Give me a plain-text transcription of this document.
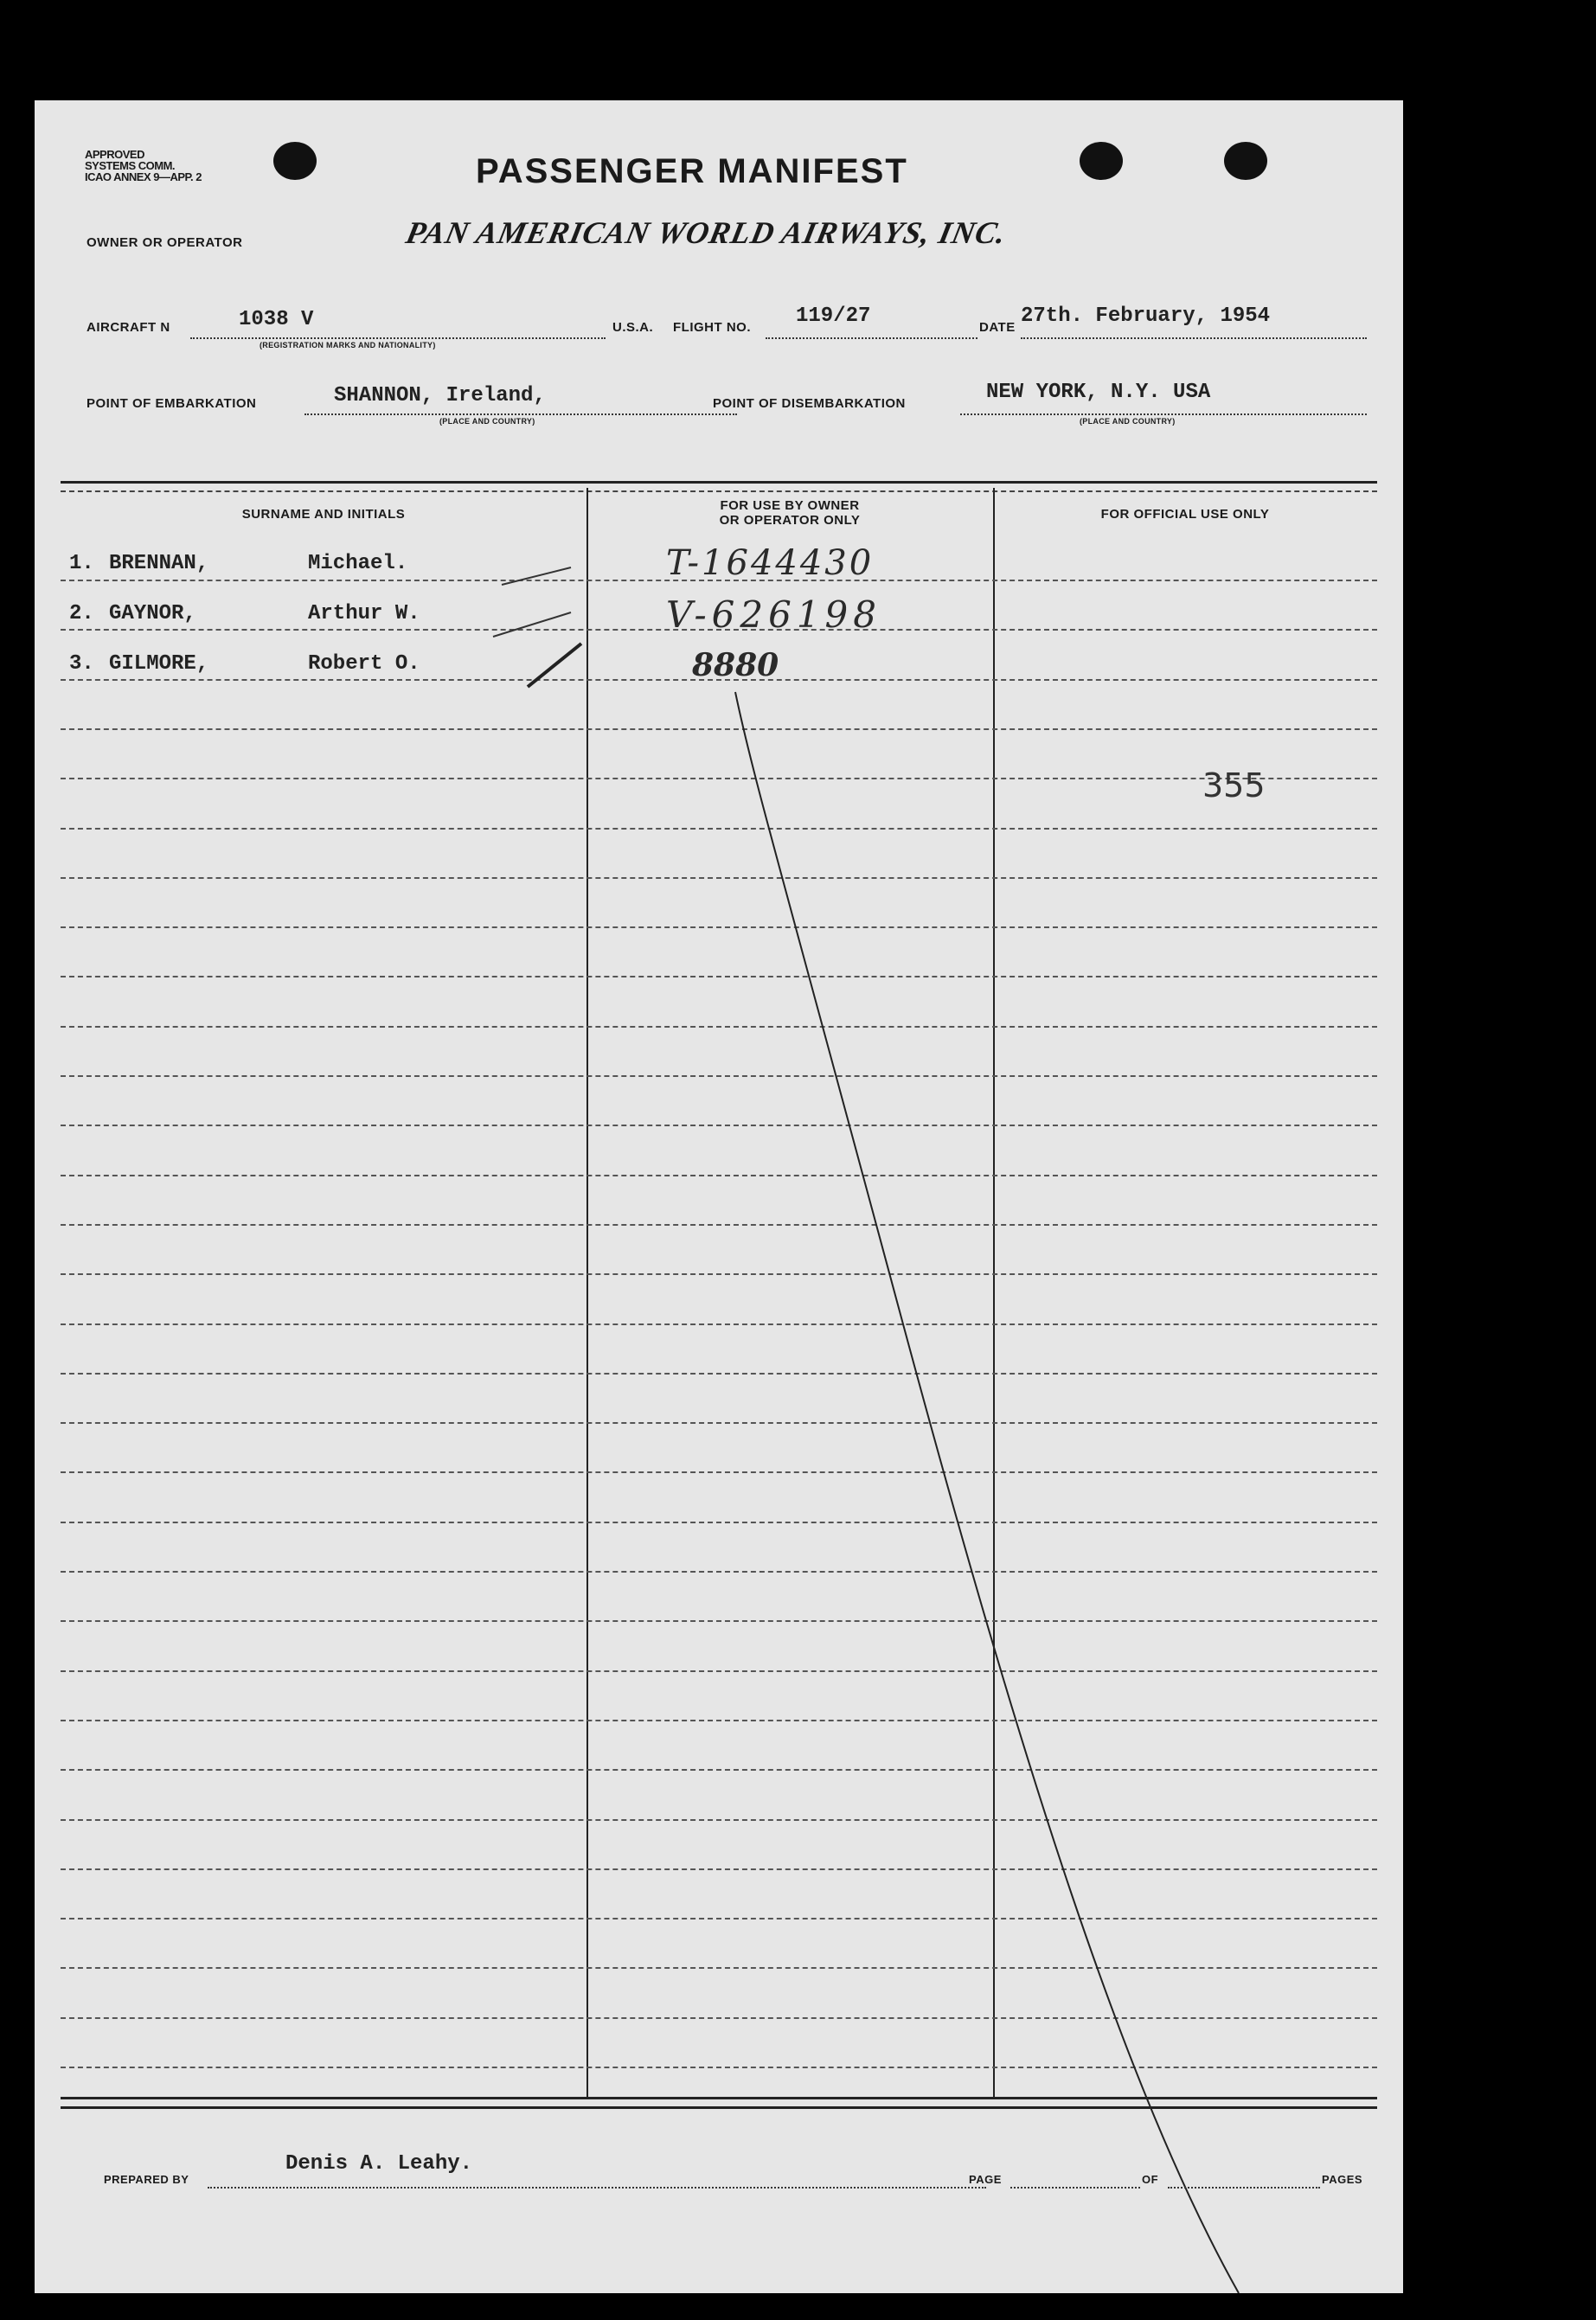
APPROVED
SYSTEMS COMM.
ICAO ANNEX 9—APP. 2	PASSENGER MANIFEST
OWNER OR OPERATOR	PAN AMERICAN WORLD AIRWAYS, INC.
AIRCRAFT N	1038 V
(REGISTRATION MARKS AND NATIONALITY)
U.S.A. FLIGHT NO. 119/27	DATE 27th. February, 1954
POINT OF EMBARKATION	SHANNON, Ireland,
(PLACE AND COUNTRY)
POINT OF DISEMBARKATION	NEW YORK, N.Y. USA
(PLACE AND COUNTRY)
SURNAME AND INITIALS
FOR USE BY OWNER
OR OPERATOR ONLY	FOR OFFICIAL USE ONLY
1. BRENNAN,	Michael.	T-1644430
2. GAYNOR,	Arthur W.	V-626198
3. GILMORE,	Robert O.	8880
355
PREPARED BY
Denis A. Leahy.
PAGE	OF	PAGES
